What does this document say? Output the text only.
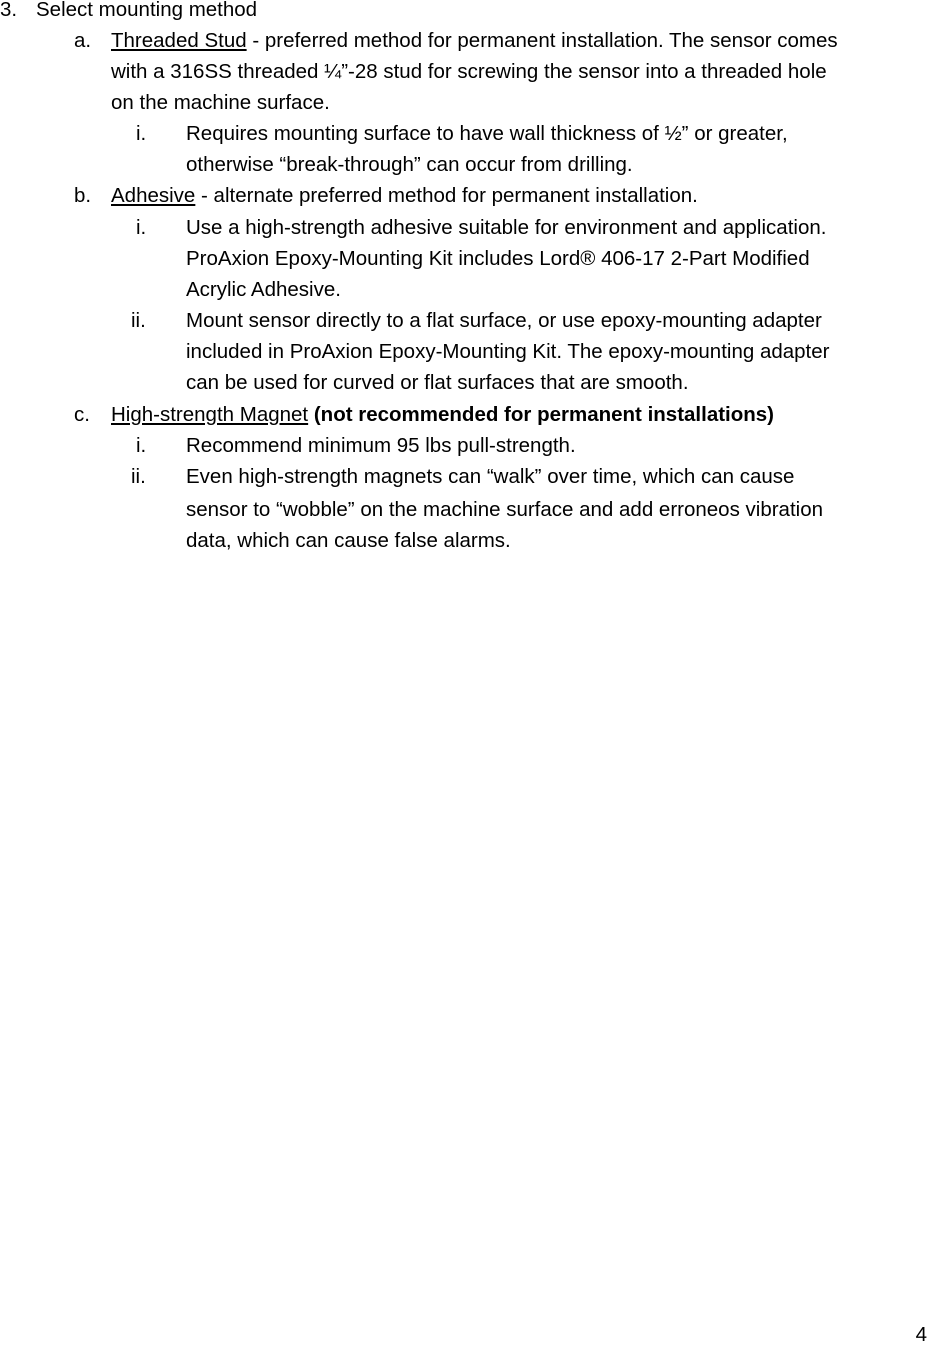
3. Select mounting method
a. Threaded Stud - preferred method for permanent installation. The sensor comes
with a 316SS threaded ¼”-28 stud for screwing the sensor into a threaded hole
on the machine surface.
i. Requires mounting surface to have wall thickness of ½” or greater,
otherwise “break-through” can occur from drilling.
b. Adhesive - alternate preferred method for permanent installation.
i. Use a high-strength adhesive suitable for environment and application.
ProAxion Epoxy-Mounting Kit includes Lord® 406-17 2-Part Modified
Acrylic Adhesive.
ii. Mount sensor directly to a flat surface, or use epoxy-mounting adapter
included in ProAxion Epoxy-Mounting Kit. The epoxy-mounting adapter
can be used for curved or flat surfaces that are smooth.
c. High-strength Magnet (not recommended for permanent installations)
i. Recommend minimum 95 lbs pull-strength.
ii. Even high-strength magnets can “walk” over time, which can cause
sensor to “wobble” on the machine surface and add erroneos vibration
data, which can cause false alarms.
4
